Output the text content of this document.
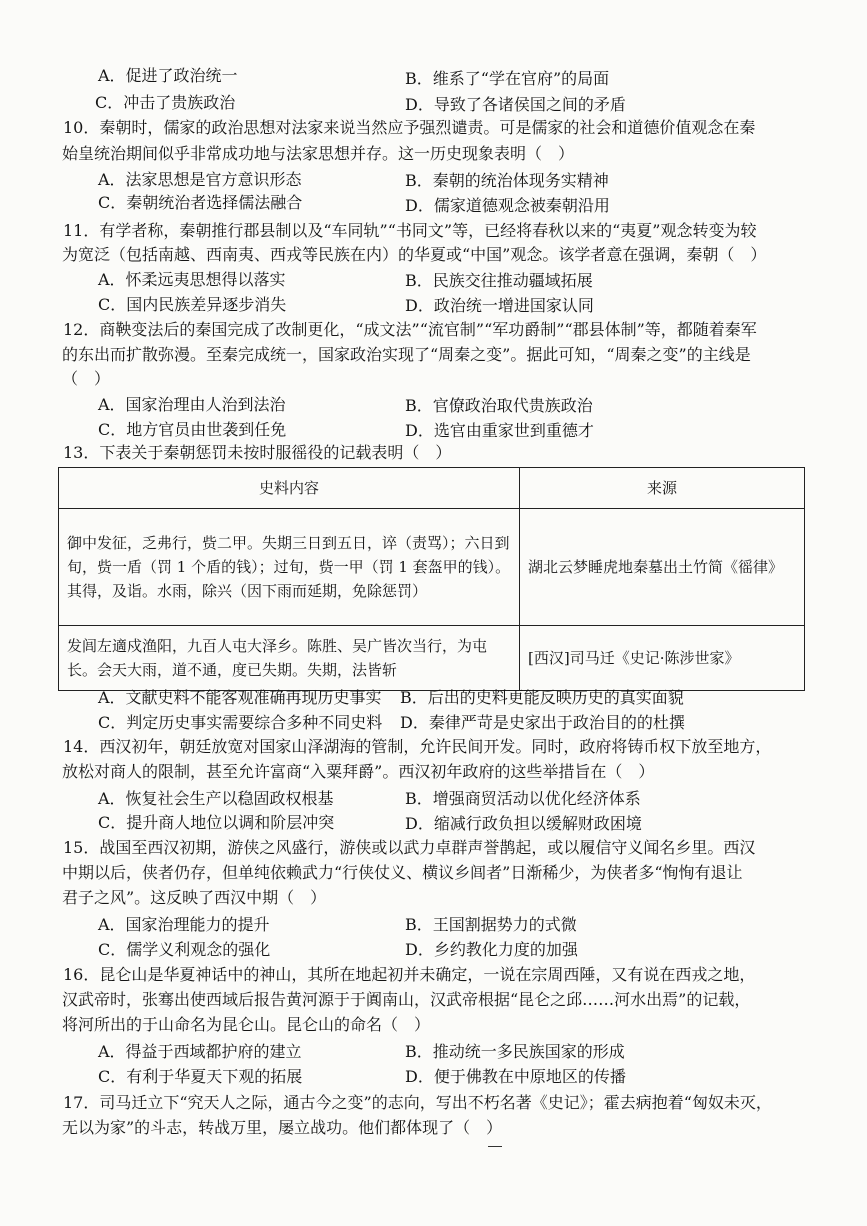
A．促进了政治统一	B．维系了“学在官府”的局面
C．冲击了贵族政治	D．导致了各诸侯国之间的矛盾
10．秦朝时，儒家的政治思想对法家来说当然应予强烈谴责。可是儒家的社会和道德价值观念在秦
始皇统治期间似乎非常成功地与法家思想并存。这一历史现象表明（　）
A．法家思想是官方意识形态	B．秦朝的统治体现务实精神
C．秦朝统治者选择儒法融合	D．儒家道德观念被秦朝沿用
11．有学者称，秦朝推行郡县制以及“车同轨”“书同文”等，已经将春秋以来的“夷夏”观念转变为较
为宽泛（包括南越、西南夷、西戎等民族在内）的华夏或“中国”观念。该学者意在强调，秦朝（　）
A．怀柔远夷思想得以落实	B．民族交往推动疆域拓展
C．国内民族差异逐步消失	D．政治统一增进国家认同
12．商鞅变法后的秦国完成了改制更化，“成文法”“流官制”“军功爵制”“郡县体制”等，都随着秦军
的东出而扩散弥漫。至秦完成统一，国家政治实现了“周秦之变”。据此可知，“周秦之变”的主线是
（　）
A．国家治理由人治到法治	B．官僚政治取代贵族政治
C．地方官员由世袭到任免	D．选官由重家世到重德才
13．下表关于秦朝惩罚未按时服徭役的记载表明（　）
史料内容	来源
御中发征，乏弗行，赀二甲。失期三日到五日，谇（责骂）；六日到旬，赀一盾（罚 1 个盾的钱）；过旬，赀一甲（罚 1 套盔甲的钱）。其得，及诣。水雨，除兴（因下雨而延期，免除惩罚）	湖北云梦睡虎地秦墓出土竹简《徭律》
发闾左適戍渔阳，九百人屯大泽乡。陈胜、吴广皆次当行，为屯长。会天大雨，道不通，度已失期。失期，法皆斩	[西汉]司马迁《史记·陈涉世家》
A．文献史料不能客观准确再现历史事实 B．后出的史料更能反映历史的真实面貌
C．判定历史事实需要综合多种不同史料 D．秦律严苛是史家出于政治目的的杜撰
14．西汉初年，朝廷放宽对国家山泽湖海的管制，允许民间开发。同时，政府将铸币权下放至地方，
放松对商人的限制，甚至允许富商“入粟拜爵”。西汉初年政府的这些举措旨在（　）
A．恢复社会生产以稳固政权根基	B．增强商贸活动以优化经济体系
C．提升商人地位以调和阶层冲突	D．缩减行政负担以缓解财政困境
15．战国至西汉初期，游侠之风盛行，游侠或以武力卓群声誉鹊起，或以履信守义闻名乡里。西汉
中期以后，侠者仍存，但单纯依赖武力“行侠仗义、横议乡闾者”日渐稀少，为侠者多“恂恂有退让
君子之风”。这反映了西汉中期（　）
A．国家治理能力的提升	B．王国割据势力的式微
C．儒学义利观念的强化	D．乡约教化力度的加强
16．昆仑山是华夏神话中的神山，其所在地起初并未确定，一说在宗周西陲，又有说在西戎之地，
汉武帝时，张骞出使西域后报告黄河源于于阗南山，汉武帝根据“昆仑之邱……河水出焉”的记载，
将河所出的于山命名为昆仑山。昆仑山的命名（　）
A．得益于西域都护府的建立	B．推动统一多民族国家的形成
C．有利于华夏天下观的拓展	D．便于佛教在中原地区的传播
17．司马迁立下“究天人之际，通古今之变”的志向，写出不朽名著《史记》；霍去病抱着“匈奴未灭，
无以为家”的斗志，转战万里，屡立战功。他们都体现了（　）
